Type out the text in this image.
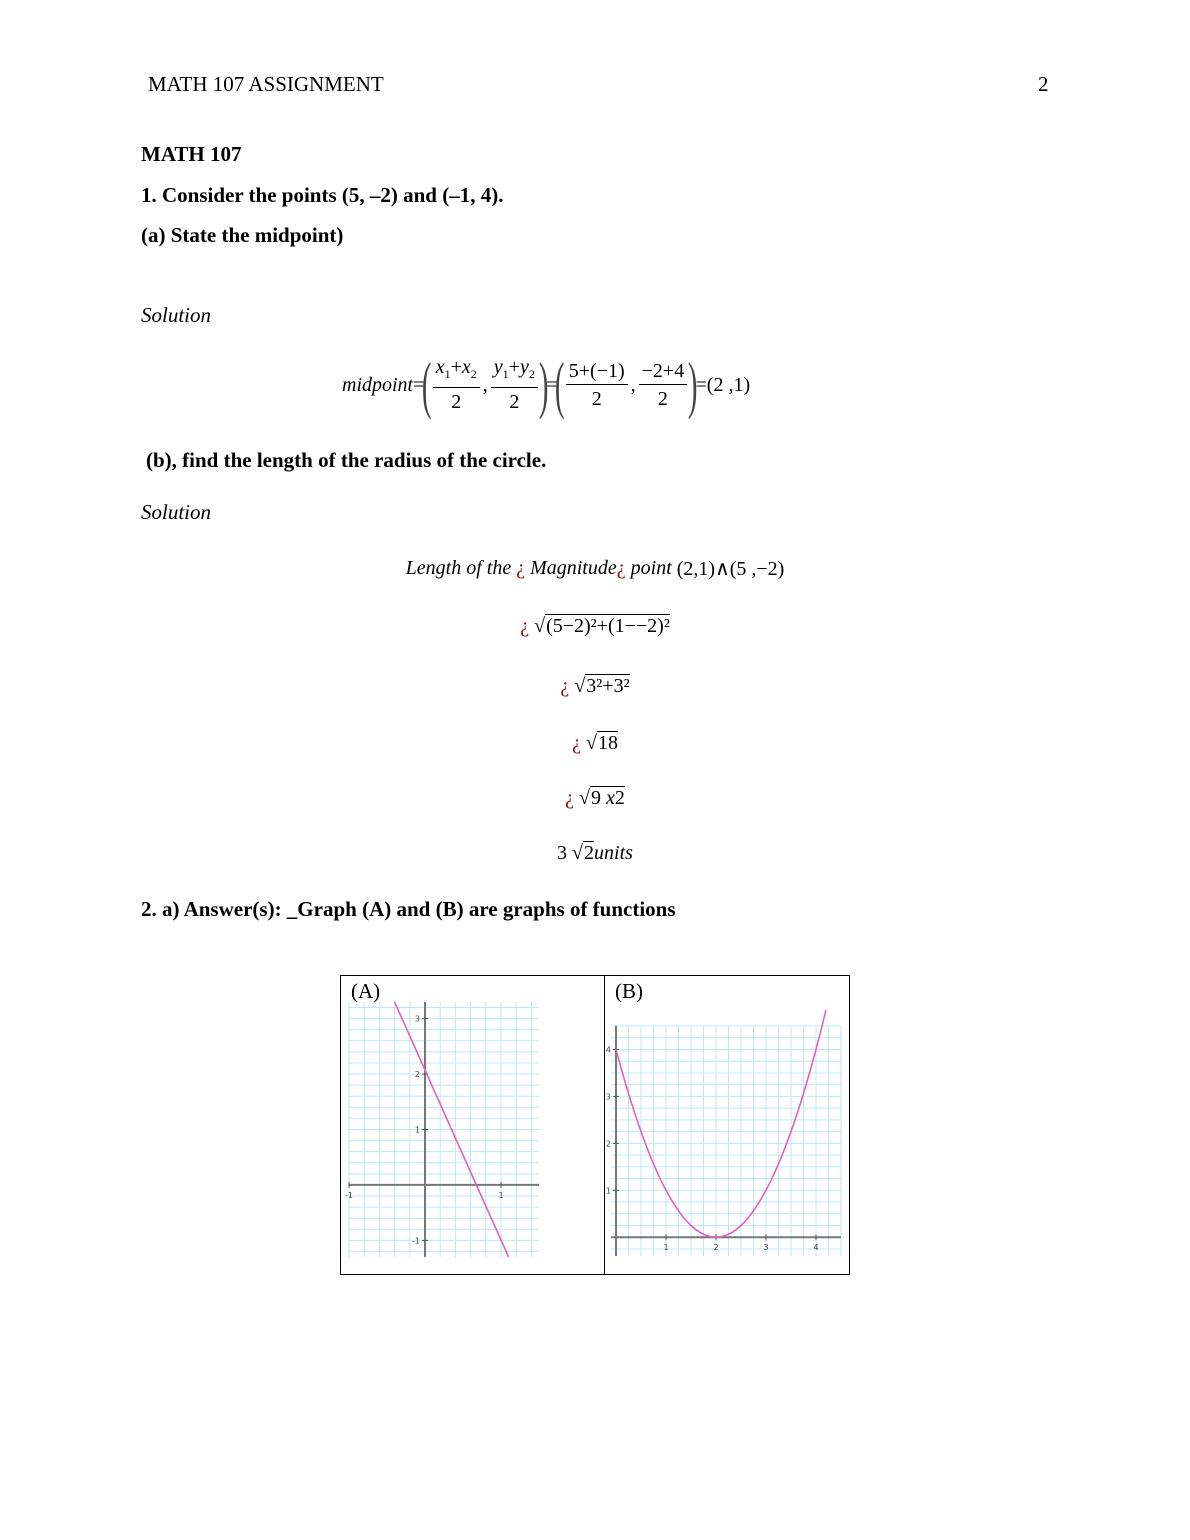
MATH 107 ASSIGNMENT	2
MATH 107
1. Consider the points (5, –2) and (–1, 4).
(a) State the midpoint)
Solution
midpoint =
( $\frac{x_1+x_2}{2}$ , $\frac{y_1+y_2}{2}$ )
=
( $\frac{5+(-1)}{2}$ , $\frac{-2+4}{2}$ )
=(2 ,1)
(b), find the length of the radius of the circle.
Solution
Length of the
¿
Magnitude ¿
point
(2,1)∧(5 ,−2)
¿
√ (5−2)²+(1−−2)²
¿
√ 3²+3²
¿
√ 18
¿
√ 9 x2
3
√ 2 units
2. a) Answer(s): _Graph (A) and (B) are graphs of functions
(A)
-1	1
3
2
1
-1
(B)
1	2	3	4
4
3
2
1
